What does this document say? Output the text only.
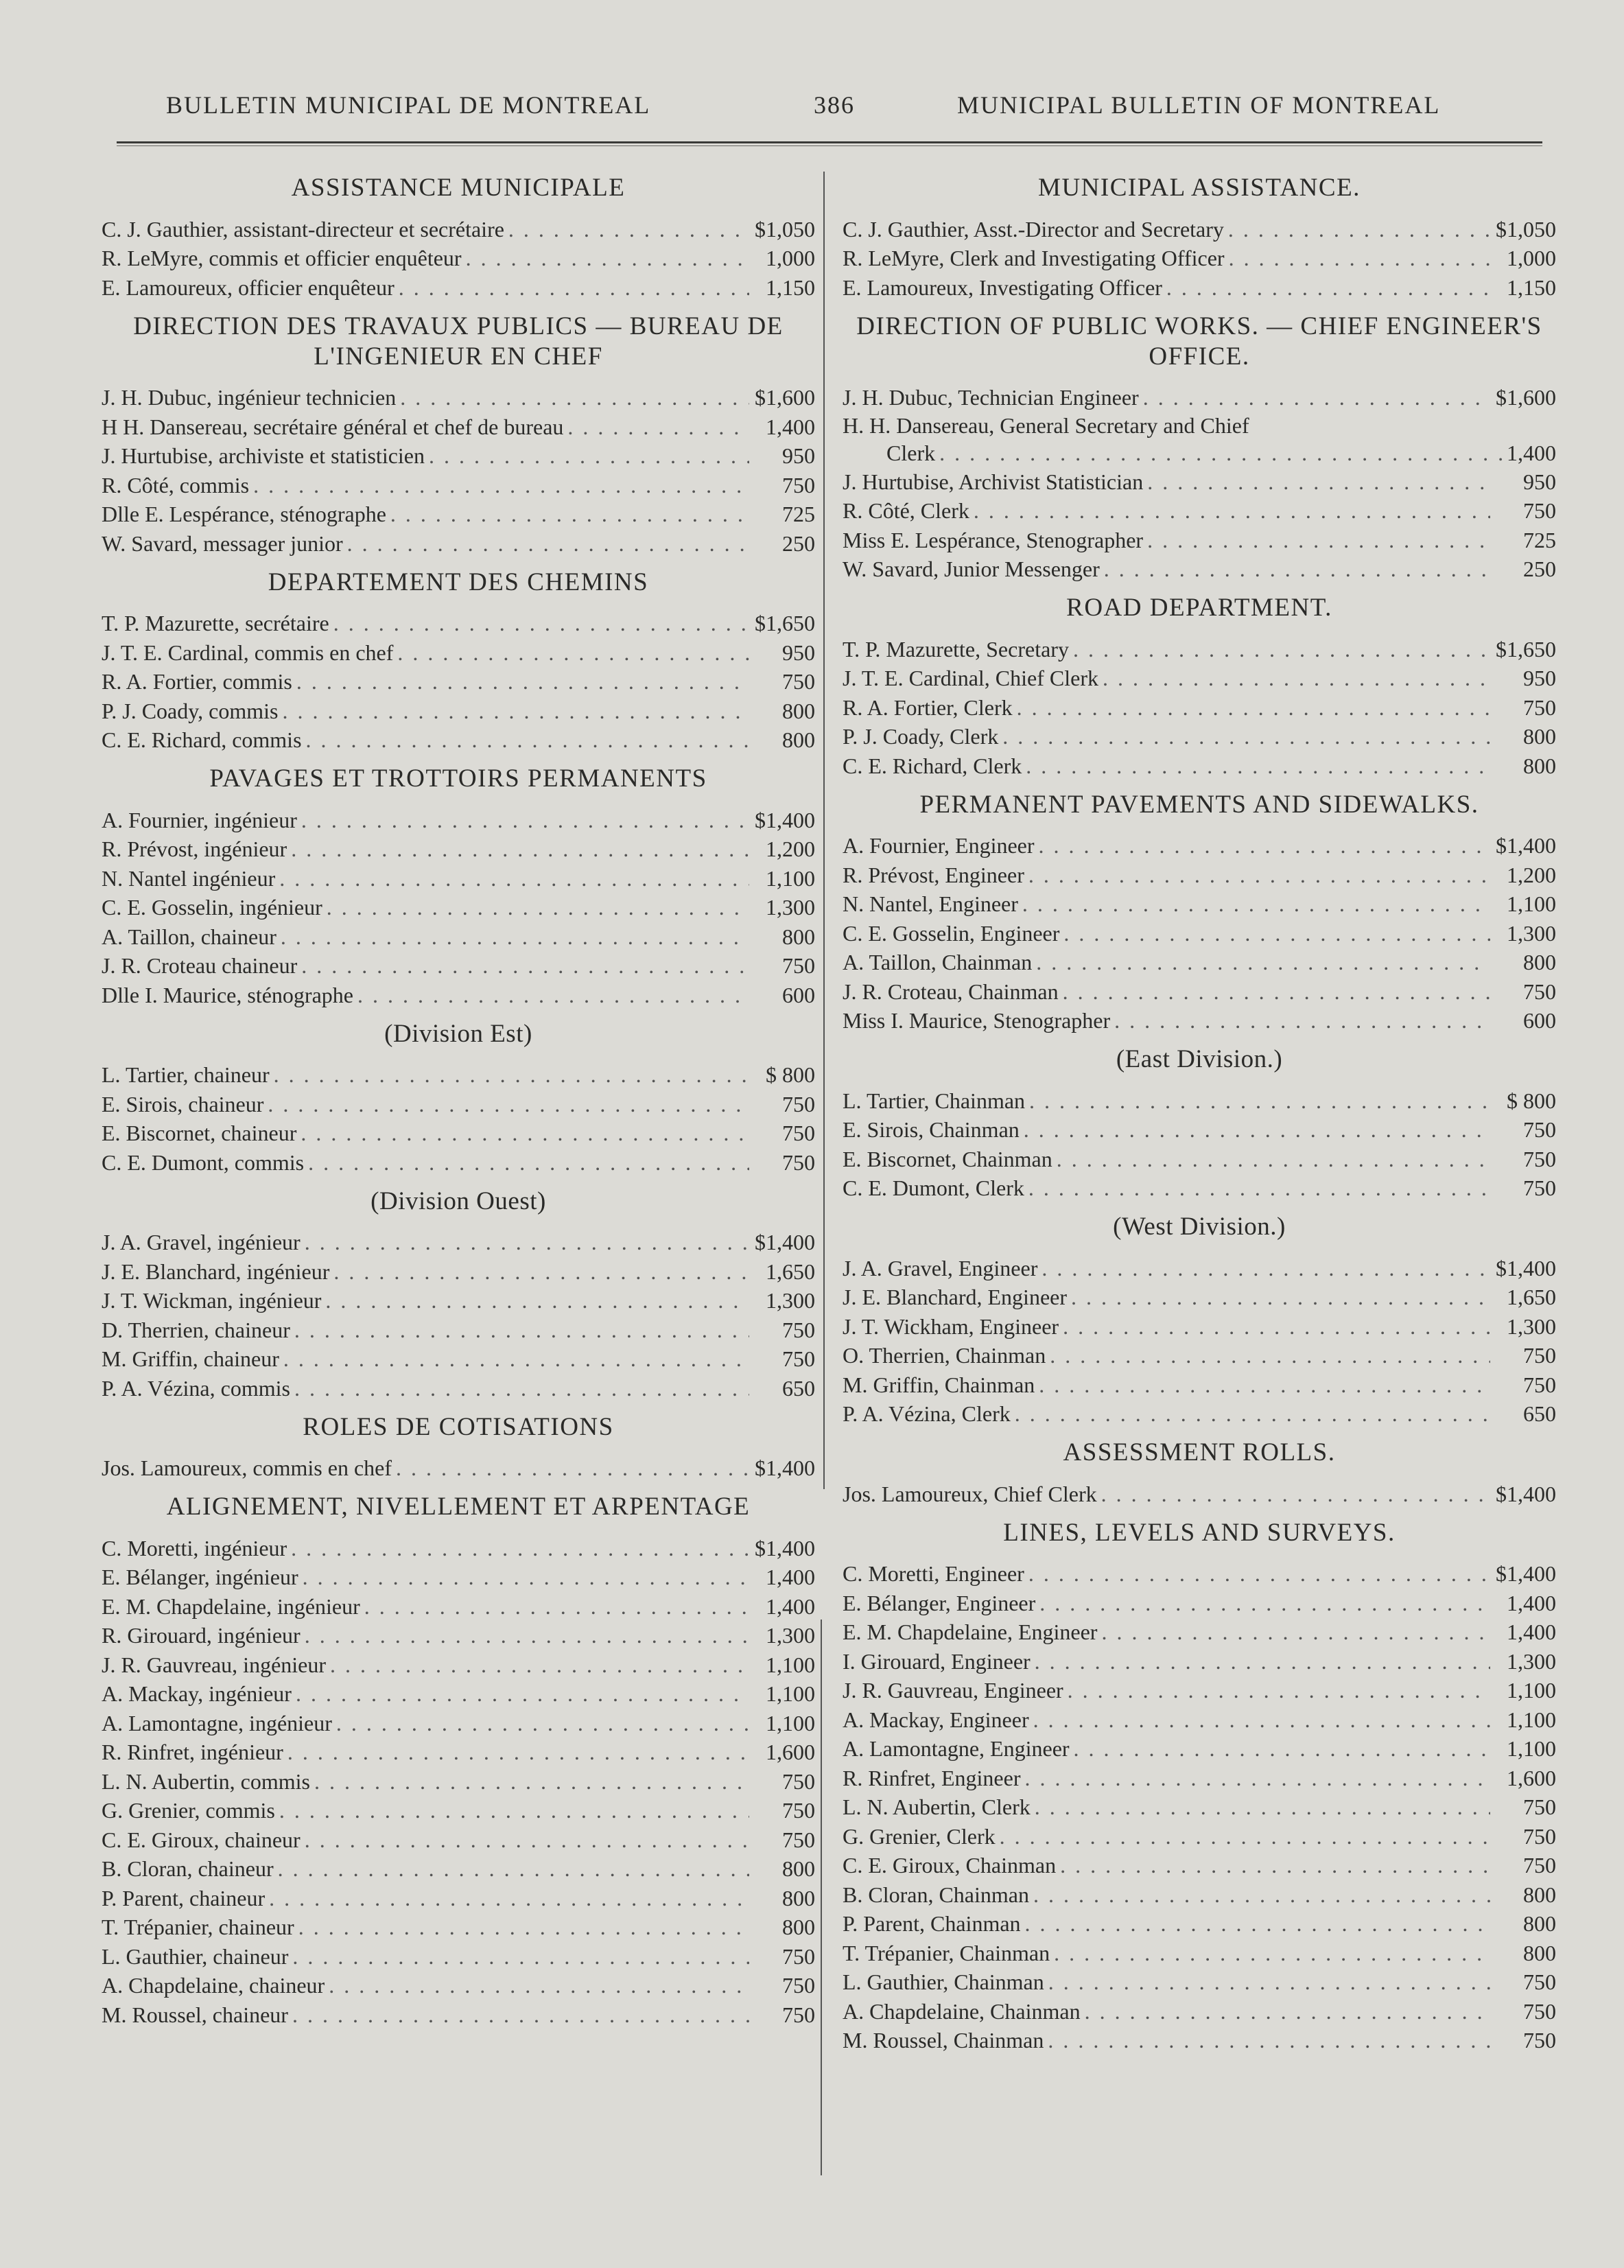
BULLETIN MUNICIPAL DE MONTREAL	386	MUNICIPAL BULLETIN OF MONTREAL
ASSISTANCE MUNICIPALE
C. J. Gauthier, assistant-directeur et secrétaire . . .	$1,050
R. LeMyre, commis et officier enquêteur . . .	1,000
E. Lamoureux, officier enquêteur . . .	1,150
DIRECTION DES TRAVAUX PUBLICS — BUREAU DE L'INGENIEUR EN CHEF
J. H. Dubuc, ingénieur technicien . . .	$1,600
H H. Dansereau, secrétaire général et chef de bureau . . .	1,400
J. Hurtubise, archiviste et statisticien . . .	950
R. Côté, commis . . .	750
Dlle E. Lespérance, sténographe . . .	725
W. Savard, messager junior . . .	250
DEPARTEMENT DES CHEMINS
T. P. Mazurette, secrétaire . . .	$1,650
J. T. E. Cardinal, commis en chef . . .	950
R. A. Fortier, commis . . .	750
P. J. Coady, commis . . .	800
C. E. Richard, commis . . .	800
PAVAGES ET TROTTOIRS PERMANENTS
A. Fournier, ingénieur . . .	$1,400
R. Prévost, ingénieur . . .	1,200
N. Nantel ingénieur . . .	1,100
C. E. Gosselin, ingénieur . . .	1,300
A. Taillon, chaineur . . .	800
J. R. Croteau chaineur . . .	750
Dlle I. Maurice, sténographe . . .	600
(Division Est)
L. Tartier, chaineur . . .	$ 800
E. Sirois, chaineur . . .	750
E. Biscornet, chaineur . . .	750
C. E. Dumont, commis . . .	750
(Division Ouest)
J. A. Gravel, ingénieur . . .	$1,400
J. E. Blanchard, ingénieur . . .	1,650
J. T. Wickman, ingénieur . . .	1,300
D. Therrien, chaineur . . .	750
M. Griffin, chaineur . . .	750
P. A. Vézina, commis . . .	650
ROLES DE COTISATIONS
Jos. Lamoureux, commis en chef . . .	$1,400
ALIGNEMENT, NIVELLEMENT ET ARPENTAGE
C. Moretti, ingénieur . . .	$1,400
E. Bélanger, ingénieur . . .	1,400
E. M. Chapdelaine, ingénieur . . .	1,400
R. Girouard, ingénieur . . .	1,300
J. R. Gauvreau, ingénieur . . .	1,100
A. Mackay, ingénieur . . .	1,100
A. Lamontagne, ingénieur . . .	1,100
R. Rinfret, ingénieur . . .	1,600
L. N. Aubertin, commis . . .	750
G. Grenier, commis . . .	750
C. E. Giroux, chaineur . . .	750
B. Cloran, chaineur . . .	800
P. Parent, chaineur . . .	800
T. Trépanier, chaineur . . .	800
L. Gauthier, chaineur . . .	750
A. Chapdelaine, chaineur . . .	750
M. Roussel, chaineur . . .	750
MUNICIPAL ASSISTANCE.
C. J. Gauthier, Asst.-Director and Secretary . . .	$1,050
R. LeMyre, Clerk and Investigating Officer . . .	1,000
E. Lamoureux, Investigating Officer . . .	1,150
DIRECTION OF PUBLIC WORKS. — CHIEF ENGINEER'S OFFICE.
J. H. Dubuc, Technician Engineer . . .	$1,600
H. H. Dansereau, General Secretary and Chief
Clerk . . .	1,400
J. Hurtubise, Archivist Statistician . . .	950
R. Côté, Clerk . . .	750
Miss E. Lespérance, Stenographer . . .	725
W. Savard, Junior Messenger . . .	250
ROAD DEPARTMENT.
T. P. Mazurette, Secretary . . .	$1,650
J. T. E. Cardinal, Chief Clerk . . .	950
R. A. Fortier, Clerk . . .	750
P. J. Coady, Clerk . . .	800
C. E. Richard, Clerk . . .	800
PERMANENT PAVEMENTS AND SIDEWALKS.
A. Fournier, Engineer . . .	$1,400
R. Prévost, Engineer . . .	1,200
N. Nantel, Engineer . . .	1,100
C. E. Gosselin, Engineer . . .	1,300
A. Taillon, Chainman . . .	800
J. R. Croteau, Chainman . . .	750
Miss I. Maurice, Stenographer . . .	600
(East Division.)
L. Tartier, Chainman . . .	$ 800
E. Sirois, Chainman . . .	750
E. Biscornet, Chainman . . .	750
C. E. Dumont, Clerk . . .	750
(West Division.)
J. A. Gravel, Engineer . . .	$1,400
J. E. Blanchard, Engineer . . .	1,650
J. T. Wickham, Engineer . . .	1,300
O. Therrien, Chainman . . .	750
M. Griffin, Chainman . . .	750
P. A. Vézina, Clerk . . .	650
ASSESSMENT ROLLS.
Jos. Lamoureux, Chief Clerk . . .	$1,400
LINES, LEVELS AND SURVEYS.
C. Moretti, Engineer . . .	$1,400
E. Bélanger, Engineer . . .	1,400
E. M. Chapdelaine, Engineer . . .	1,400
I. Girouard, Engineer . . .	1,300
J. R. Gauvreau, Engineer . . .	1,100
A. Mackay, Engineer . . .	1,100
A. Lamontagne, Engineer . . .	1,100
R. Rinfret, Engineer . . .	1,600
L. N. Aubertin, Clerk . . .	750
G. Grenier, Clerk . . .	750
C. E. Giroux, Chainman . . .	750
B. Cloran, Chainman . . .	800
P. Parent, Chainman . . .	800
T. Trépanier, Chainman . . .	800
L. Gauthier, Chainman . . .	750
A. Chapdelaine, Chainman . . .	750
M. Roussel, Chainman . . .	750
